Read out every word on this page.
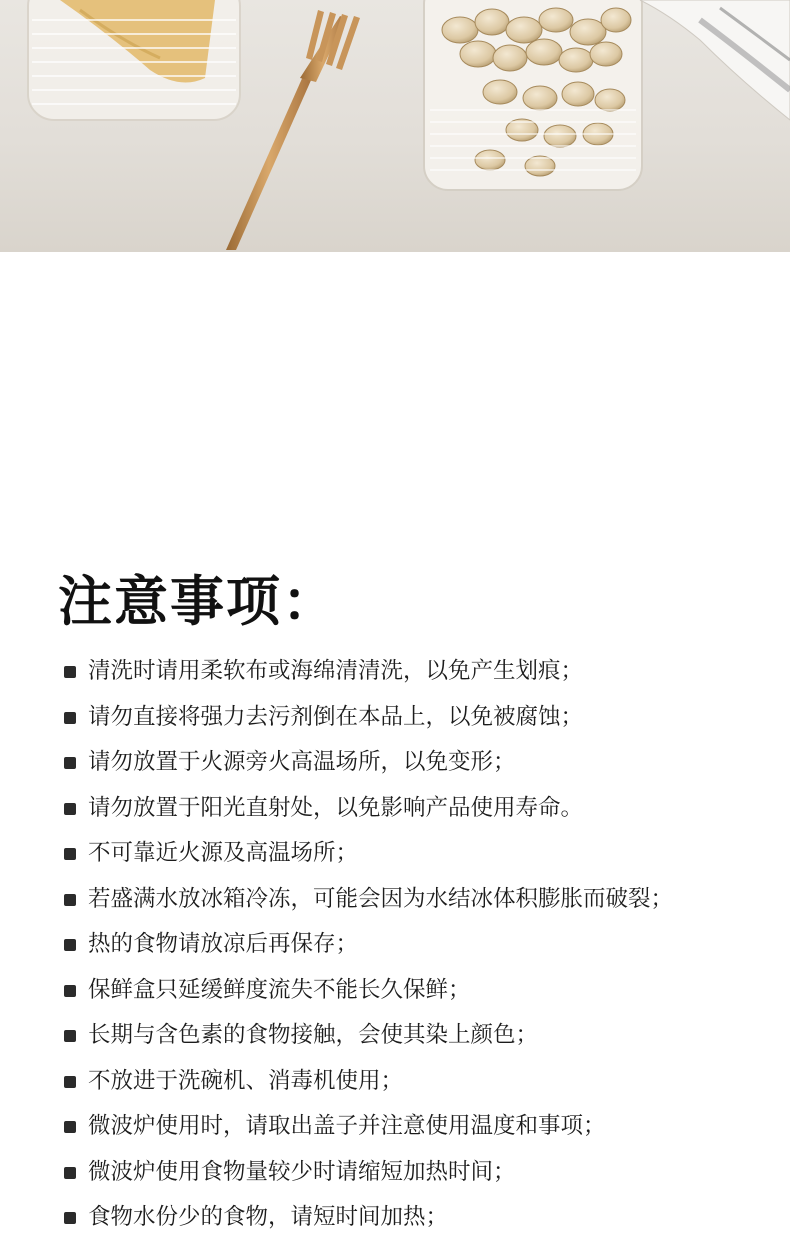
注意事项：
清洗时请用柔软布或海绵清清洗，以免产生划痕；
请勿直接将强力去污剂倒在本品上，以免被腐蚀；
请勿放置于火源旁火高温场所，以免变形；
请勿放置于阳光直射处，以免影响产品使用寿命。
不可靠近火源及高温场所；
若盛满水放冰箱冷冻，可能会因为水结冰体积膨胀而破裂；
热的食物请放凉后再保存；
保鲜盒只延缓鲜度流失不能长久保鲜；
长期与含色素的食物接触，会使其染上颜色；
不放进于洗碗机、消毒机使用；
微波炉使用时，请取出盖子并注意使用温度和事项；
微波炉使用食物量较少时请缩短加热时间；
食物水份少的食物，请短时间加热；
